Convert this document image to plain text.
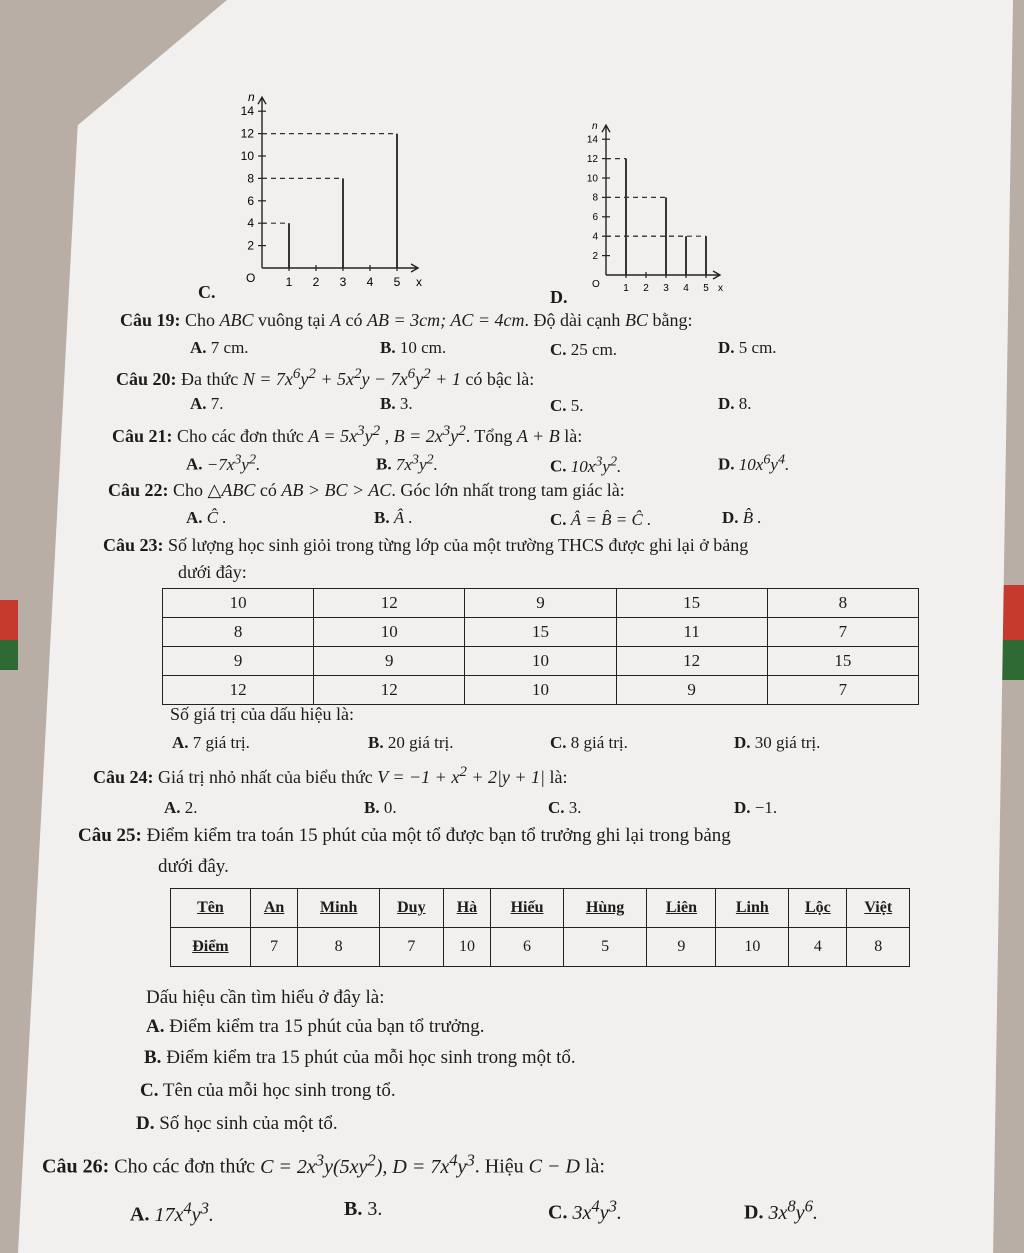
n
x
O
2
4
6
8
10
12
14
1 2 3 4 5
C.
n
x
O
2
4
6
8
10
12
14
1 2 3 4 5
D.
Câu 19: Cho ABC vuông tại A có AB = 3cm; AC = 4cm. Độ dài cạnh BC bằng:
A. 7 cm.	B. 10 cm.	C. 25 cm.	D. 5 cm.
Câu 20: Đa thức $N = 7x^6y^2 + 5x^2y - 7x^6y^2 + 1$ có bậc là:
A. 7.	B. 3.	C. 5.	D. 8.
Câu 21: Cho các đơn thức $A = 5x^3y^2$ , $B = 2x^3y^2$. Tổng A + B là:
A. $-7x^3y^2$.	B. $7x^3y^2$.	C. $10x^3y^2$.	D. $10x^6y^4$.
Câu 22: Cho △ABC có AB > BC > AC. Góc lớn nhất trong tam giác là:
A. Ĉ .	B. Â .	C. Â = B̂ = Ĉ .	D. B̂ .
Câu 23: Số lượng học sinh giỏi trong từng lớp của một trường THCS được ghi lại ở bảng
dưới đây:
10	12	9	15	8
8	10	15	11	7
9	9	10	12	15
12	12	10	9	7
Số giá trị của dấu hiệu là:
A. 7 giá trị.	B. 20 giá trị.	C. 8 giá trị.	D. 30 giá trị.
Câu 24: Giá trị nhỏ nhất của biểu thức $V = -1 + x^2 + 2|y + 1|$ là:
A. 2.	B. 0.	C. 3.	D. −1.
Câu 25: Điểm kiểm tra toán 15 phút của một tổ được bạn tổ trưởng ghi lại trong bảng
dưới đây.
Tên	An	Minh	Duy	Hà	Hiếu	Hùng	Liên	Linh	Lộc	Việt
Điểm	7	8	7	10	6	5	9	10	4	8
Dấu hiệu cần tìm hiểu ở đây là:
A. Điểm kiểm tra 15 phút của bạn tổ trưởng.
B. Điểm kiểm tra 15 phút của mỗi học sinh trong một tổ.
C. Tên của mỗi học sinh trong tổ.
D. Số học sinh của một tổ.
Câu 26: Cho các đơn thức $C = 2x^3y(5xy^2)$, $D = 7x^4y^3$. Hiệu C − D là:
A. $17x^4y^3$.	B. 3.	C. $3x^4y^3$.	D. $3x^8y^6$.
